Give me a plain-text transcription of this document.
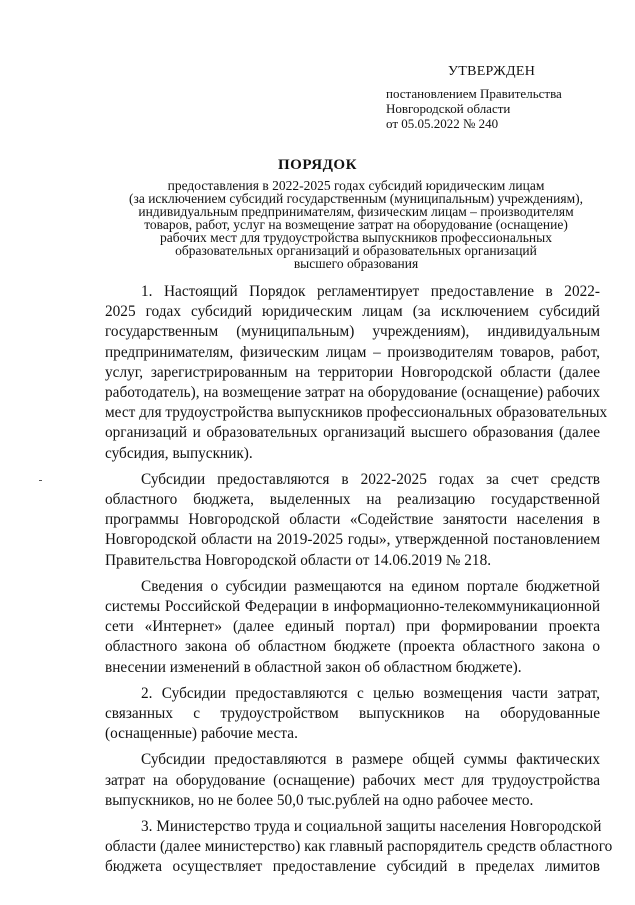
УТВЕРЖДЕН
постановлением Правительства
Новгородской области
от 05.05.2022 № 240
ПОРЯДОК
предоставления в 2022-2025 годах субсидий юридическим лицам
(за исключением субсидий государственным (муниципальным) учреждениям),
индивидуальным предпринимателям, физическим лицам – производителям
товаров, работ, услуг на возмещение затрат на оборудование (оснащение)
рабочих мест для трудоустройства выпускников профессиональных
образовательных организаций и образовательных организаций
высшего образования
1. Настоящий Порядок регламентирует предоставление в 2022-
2025 годах субсидий юридическим лицам (за исключением субсидий
государственным (муниципальным) учреждениям), индивидуальным
предпринимателям, физическим лицам – производителям товаров, работ,
услуг, зарегистрированным на территории Новгородской области (далее
работодатель), на возмещение затрат на оборудование (оснащение) рабочих
мест для трудоустройства выпускников профессиональных образовательных
организаций и образовательных организаций высшего образования (далее
субсидия, выпускник).
Субсидии предоставляются в 2022-2025 годах за счет средств
областного бюджета, выделенных на реализацию государственной
программы Новгородской области «Содействие занятости населения в
Новгородской области на 2019-2025 годы», утвержденной постановлением
Правительства Новгородской области от 14.06.2019 № 218.
Сведения о субсидии размещаются на едином портале бюджетной
системы Российской Федерации в информационно-телекоммуникационной
сети «Интернет» (далее единый портал) при формировании проекта
областного закона об областном бюджете (проекта областного закона о
внесении изменений в областной закон об областном бюджете).
2. Субсидии предоставляются с целью возмещения части затрат,
связанных с трудоустройством выпускников на оборудованные
(оснащенные) рабочие места.
Субсидии предоставляются в размере общей суммы фактических
затрат на оборудование (оснащение) рабочих мест для трудоустройства
выпускников, но не более 50,0 тыс.рублей на одно рабочее место.
3. Министерство труда и социальной защиты населения Новгородской
области (далее министерство) как главный распорядитель средств областного
бюджета осуществляет предоставление субсидий в пределах лимитов
